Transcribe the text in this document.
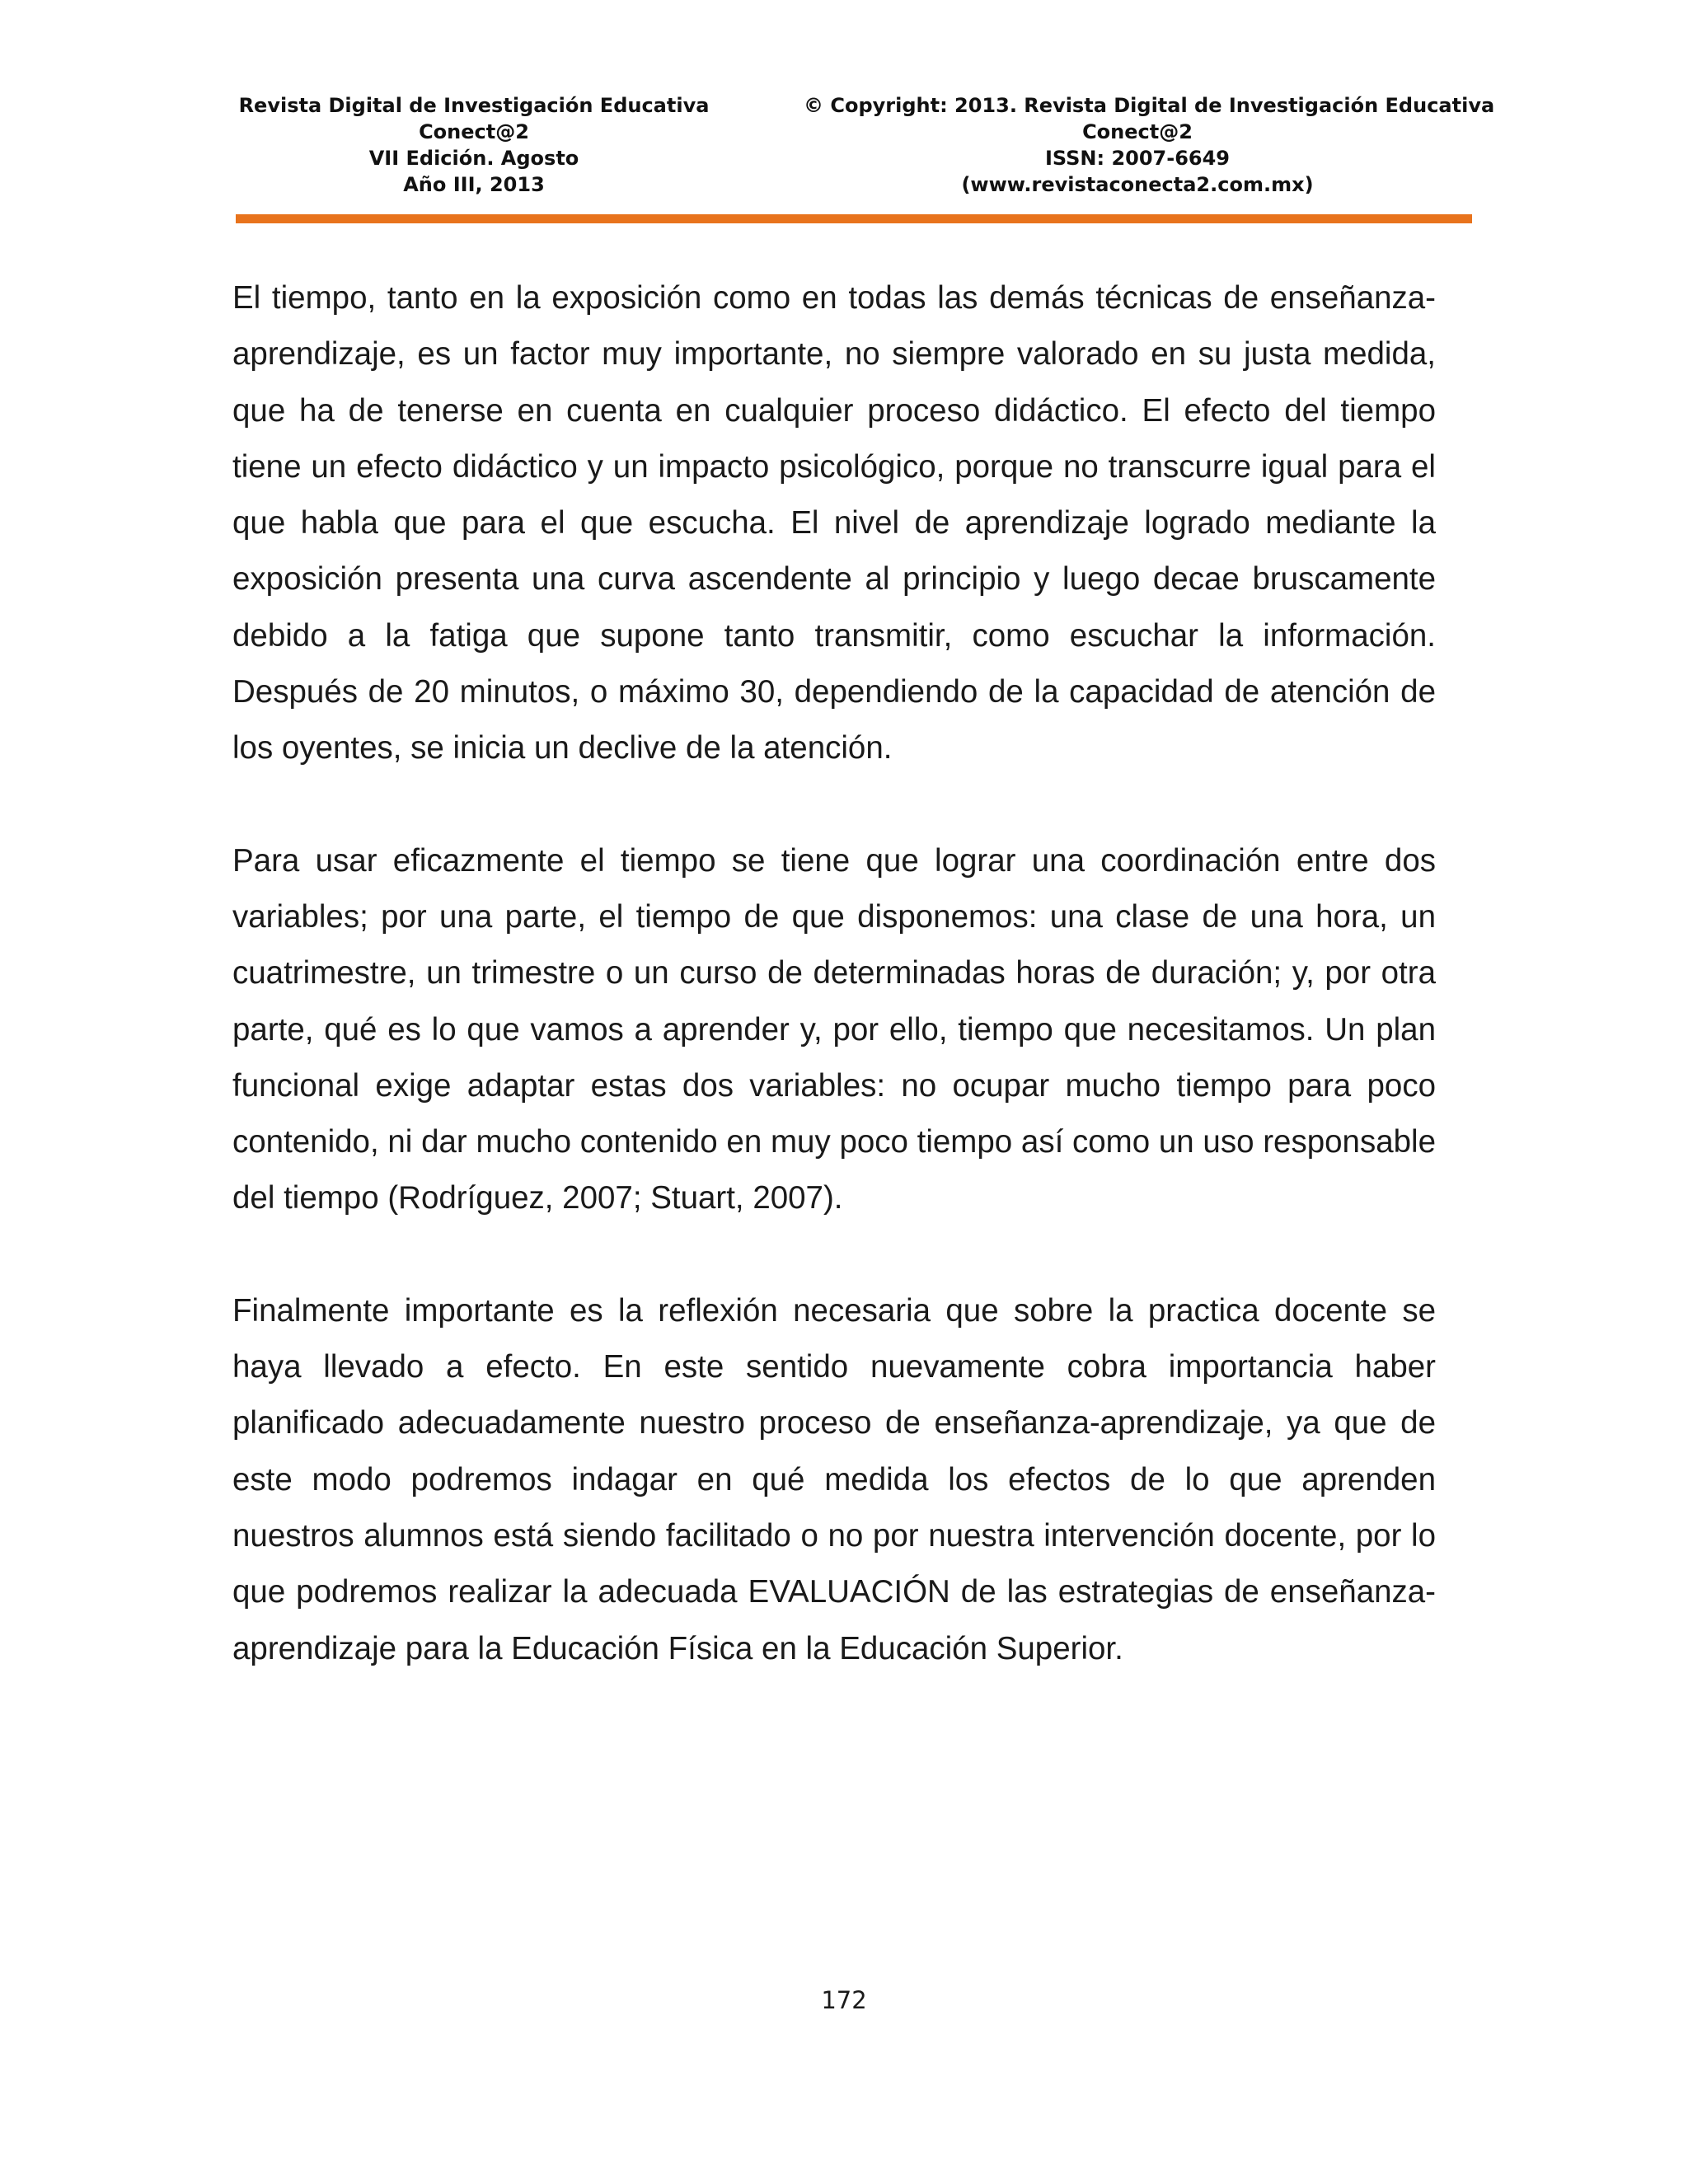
Revista Digital de Investigación Educativa
Conect@2
VII Edición. Agosto
Año III, 2013
© Copyright: 2013. Revista Digital de Investigación Educativa
Conect@2
ISSN: 2007-6649
(www.revistaconecta2.com.mx)

El tiempo, tanto en la exposición como en todas las demás técnicas de enseñanza-aprendizaje, es un factor muy importante, no siempre valorado en su justa medida, que ha de tenerse en cuenta en cualquier proceso didáctico. El efecto del tiempo tiene un efecto didáctico y un impacto psicológico, porque no transcurre igual para el que habla que para el que escucha. El nivel de aprendizaje logrado mediante la exposición presenta una curva ascendente al principio y luego decae bruscamente debido a la fatiga que supone tanto transmitir, como escuchar la información. Después de 20 minutos, o máximo 30, dependiendo de la capacidad de atención de los oyentes, se inicia un declive de la atención.

Para usar eficazmente el tiempo se tiene que lograr una coordinación entre dos variables; por una parte, el tiempo de que disponemos: una clase de una hora, un cuatrimestre, un trimestre o un curso de determinadas horas de duración; y, por otra parte, qué es lo que vamos a aprender y, por ello, tiempo que necesitamos. Un plan funcional exige adaptar estas dos variables: no ocupar mucho tiempo para poco contenido, ni dar mucho contenido en muy poco tiempo así como un uso responsable del tiempo (Rodríguez, 2007; Stuart, 2007).

Finalmente importante es la reflexión necesaria que sobre la practica docente se haya llevado a efecto. En este sentido nuevamente cobra importancia haber planificado adecuadamente nuestro proceso de enseñanza-aprendizaje, ya que de este modo podremos indagar en qué medida los efectos de lo que aprenden nuestros alumnos está siendo facilitado o no por nuestra intervención docente, por lo que podremos realizar la adecuada EVALUACIÓN de las estrategias de enseñanza-aprendizaje para la Educación Física en la Educación Superior.

172
